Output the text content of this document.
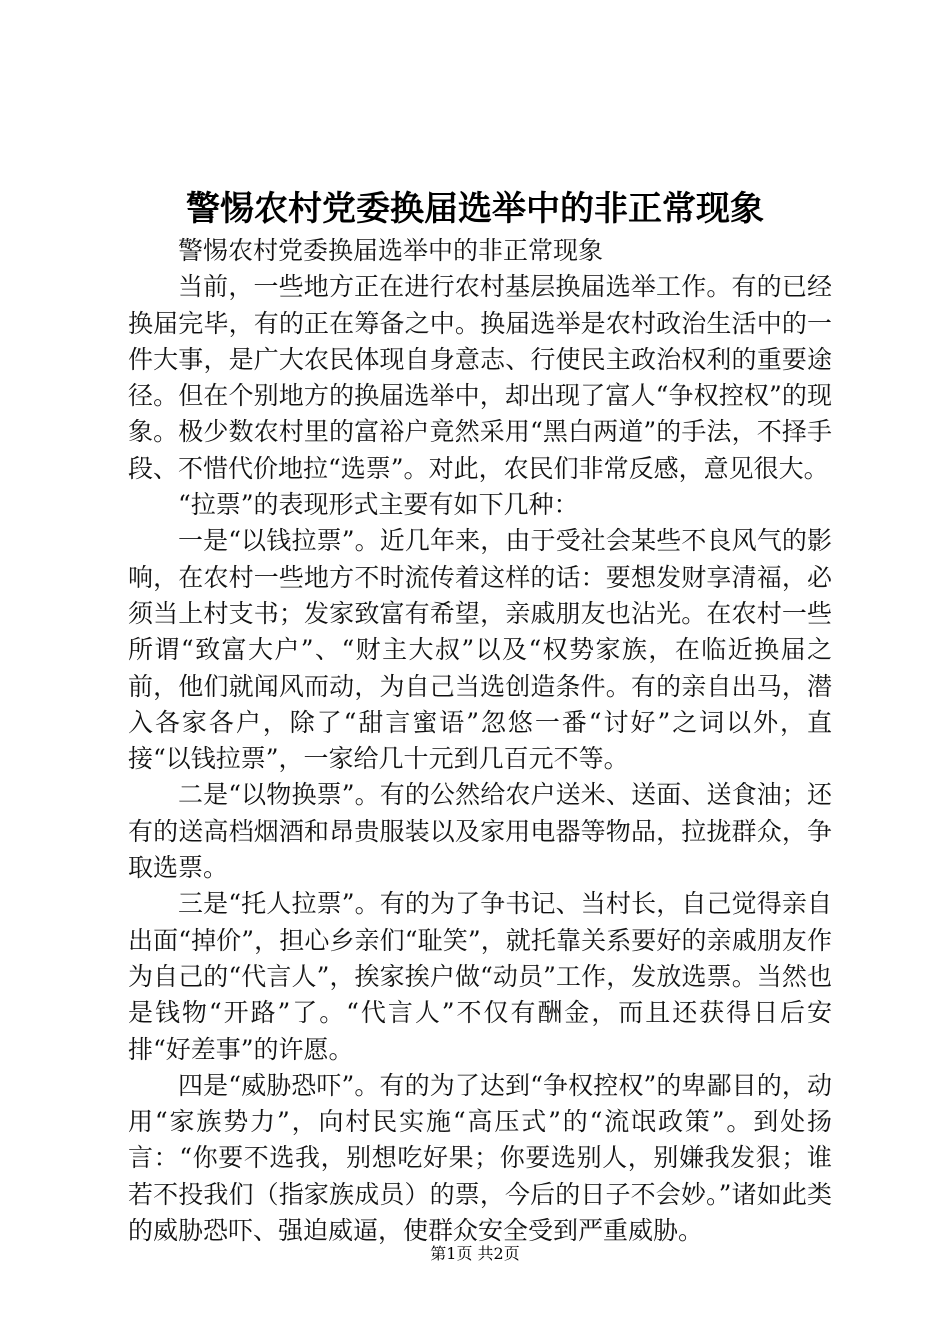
警惕农村党委换届选举中的非正常现象

警惕农村党委换届选举中的非正常现象

当前，一些地方正在进行农村基层换届选举工作。有的已经换届完毕，有的正在筹备之中。换届选举是农村政治生活中的一件大事，是广大农民体现自身意志、行使民主政治权利的重要途径。但在个别地方的换届选举中，却出现了富人“争权控权”的现象。极少数农村里的富裕户竟然采用“黑白两道”的手法，不择手段、不惜代价地拉“选票”。对此，农民们非常反感，意见很大。

“拉票”的表现形式主要有如下几种：

一是“以钱拉票”。近几年来，由于受社会某些不良风气的影响，在农村一些地方不时流传着这样的话：要想发财享清福，必须当上村支书；发家致富有希望，亲戚朋友也沾光。在农村一些所谓“致富大户”、“财主大叔”以及“权势家族，在临近换届之前，他们就闻风而动，为自己当选创造条件。有的亲自出马，潜入各家各户，除了“甜言蜜语”忽悠一番“讨好”之词以外，直接“以钱拉票”，一家给几十元到几百元不等。

二是“以物换票”。有的公然给农户送米、送面、送食油；还有的送高档烟酒和昂贵服装以及家用电器等物品，拉拢群众，争取选票。

三是“托人拉票”。有的为了争书记、当村长，自己觉得亲自出面“掉价”，担心乡亲们“耻笑”，就托靠关系要好的亲戚朋友作为自己的“代言人”，挨家挨户做“动员”工作，发放选票。当然也是钱物“开路”了。“代言人”不仅有酬金，而且还获得日后安排“好差事”的许愿。

四是“威胁恐吓”。有的为了达到“争权控权”的卑鄙目的，动用“家族势力”，向村民实施“高压式”的“流氓政策”。到处扬言：“你要不选我，别想吃好果；你要选别人，别嫌我发狠；谁若不投我们（指家族成员）的票，今后的日子不会妙。”诸如此类的威胁恐吓、强迫威逼，使群众安全受到严重威胁。

第1页 共2页
